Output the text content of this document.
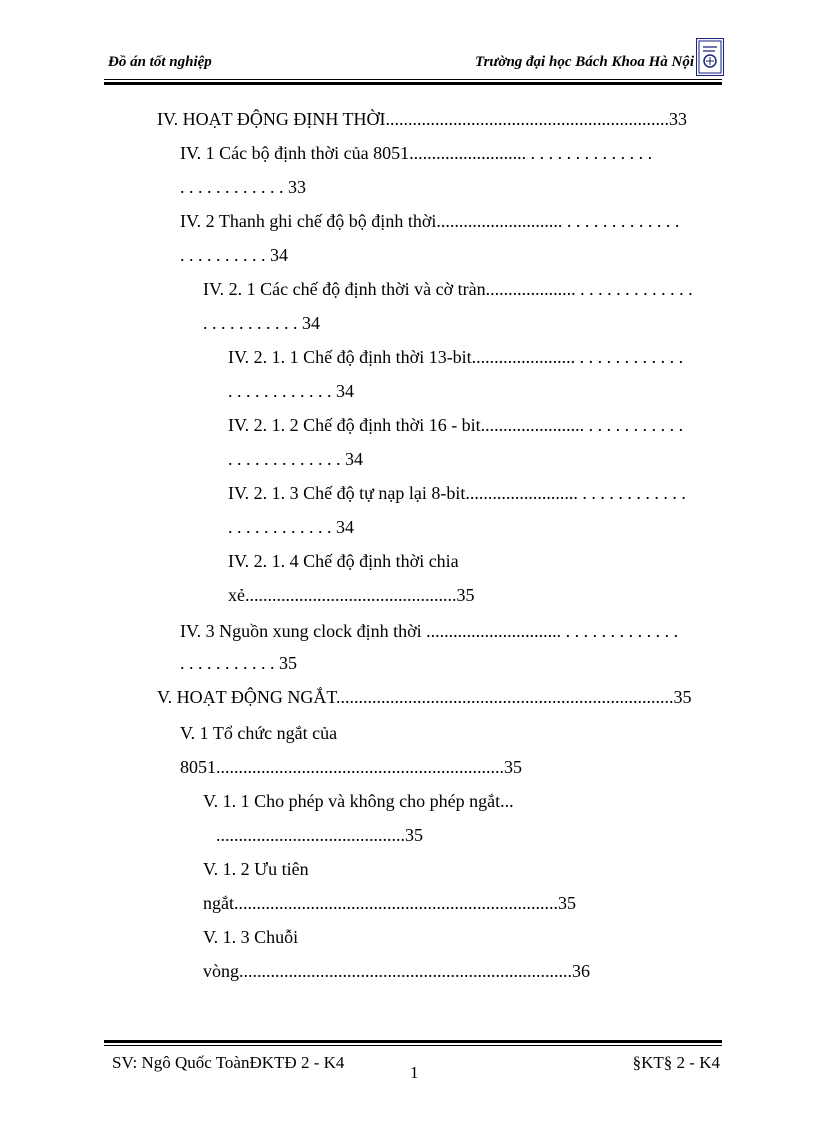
Đồ án tốt nghiệp	Trường đại học Bách Khoa Hà Nội
IV. HOẠT ĐỘNG ĐỊNH THỜI...............................................................33
IV. 1 Các bộ định thời của 8051.......................... . . . . . . . . . . . . . .
. . . . . . . . . . . . 33
IV. 2 Thanh ghi chế độ bộ định thời............................ . . . . . . . . . . . . .
. . . . . . . . . . 34
IV. 2. 1 Các chế độ định thời và cờ tràn.................... . . . . . . . . . . . . .
. . . . . . . . . . . 34
IV. 2. 1. 1 Chế độ định thời 13-bit....................... . . . . . . . . . . . .
. . . . . . . . . . . . 34
IV. 2. 1. 2 Chế độ định thời 16 - bit....................... . . . . . . . . . . .
. . . . . . . . . . . . . 34
IV. 2. 1. 3 Chế độ tự nạp lại 8-bit......................... . . . . . . . . . . . .
. . . . . . . . . . . . 34
IV. 2. 1. 4 Chế độ định thời chia
xẻ...............................................35
IV. 3 Nguồn xung clock định thời .............................. . . . . . . . . . . . . .
. . . . . . . . . . . 35
V. HOẠT ĐỘNG NGẮT...........................................................................35
V. 1 Tổ chức ngắt của
8051................................................................35
V. 1. 1 Cho phép và không cho phép ngắt...
..........................................35
V. 1. 2 Ưu tiên
ngắt........................................................................35
V. 1. 3 Chuỗi
vòng..........................................................................36
SV: Ngô Quốc ToànĐKTĐ 2 - K4
1
§KT§ 2 - K4
